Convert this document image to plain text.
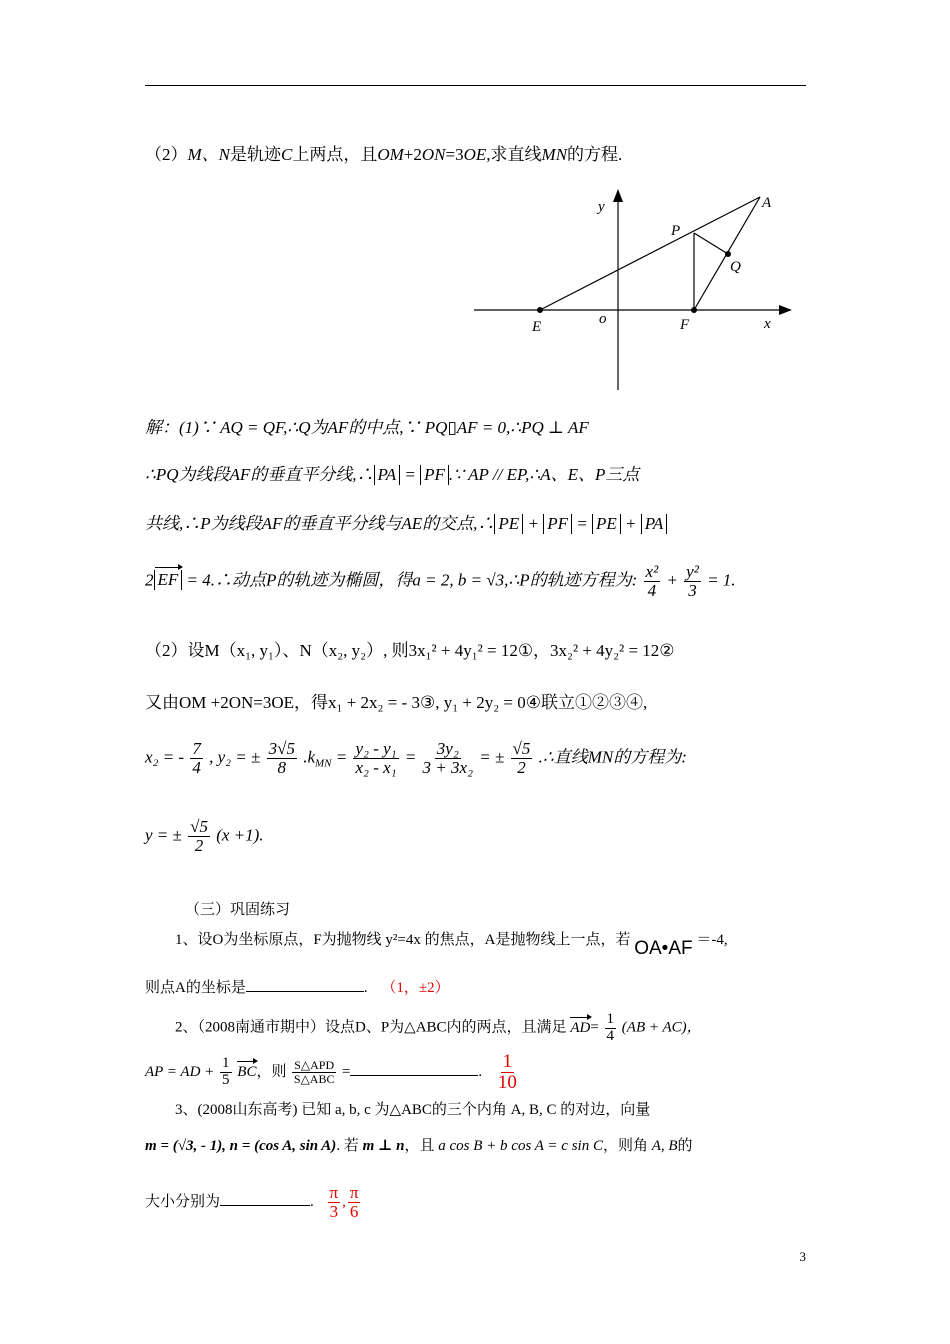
（2）M、N是轨迹C上两点，且OM+2ON=3OE,求直线MN的方程.
y
x
o
A
P
Q
E	F
解：(1)∵ AQ = QF,∴Q为AF的中点,∵ PQ▯AF = 0,∴PQ ⊥ AF
∴PQ为线段AF的垂直平分线,∴ PA = PF .∵ AP // EP,∴A、E、P三点
共线,∴P为线段AF的垂直平分线与AE的交点,∴ PE + PF = PE + PA
2 EF = 4.∴动点P的轨迹为椭圆，得a = 2, b = √3,∴P的轨迹方程为: $\frac{\text{x²}}{4} + \frac{\text{y²}}{3} = 1$.
（2）设M（x₁, y₁）、N（x₂, y₂）, 则3x₁² + 4y₁² = 12①，3x₂² + 4y₂² = 12②
又由OM +2ON=3OE，得x₁ + 2x₂ = - 3③, y₁ + 2y₂ = 0④联立①②③④,
x₂ = - $\frac{7}{4}$ , y₂ = ± $\frac{3√5}{8} .k_{MN} = \frac{\text{y₂ - y₁}}{\text{x₂ - x₁}} = \frac{\text{3y₂}}{\text{3 + 3x₂}}$ = ± $\frac{√5}{2}$ .∴直线MN的方程为:
y = ± $\frac{√5}{2} (x +1)$.
（三）巩固练习
1、设O为坐标原点，F为抛物线 y²=4x 的焦点，A是抛物线上一点，若 OA•AF ＝-4,
则点A的坐标是	. （1，±2）
2、（2008南通市期中）设点D、P为△ABC内的两点，且满足 $AD= \frac{1}{4} (AB + AC)$，
AP = AD + $\frac{1}{5}$ BC，则 $\frac{\text{S△APD}}{\text{S△ABC}}$ =	. $\frac{1}{10}$
3、(2008山东高考) 已知 a, b, c 为△ABC的三个内角 A, B, C 的对边，向量
m = (√3, - 1), n = (cos A, sin A). 若 m ⊥ n，且 a cos B + b cos A = c sin C，则角 A, B的
大小分别为	. $\frac{\pi}{3}$ , $\frac{\pi}{6}$
3
